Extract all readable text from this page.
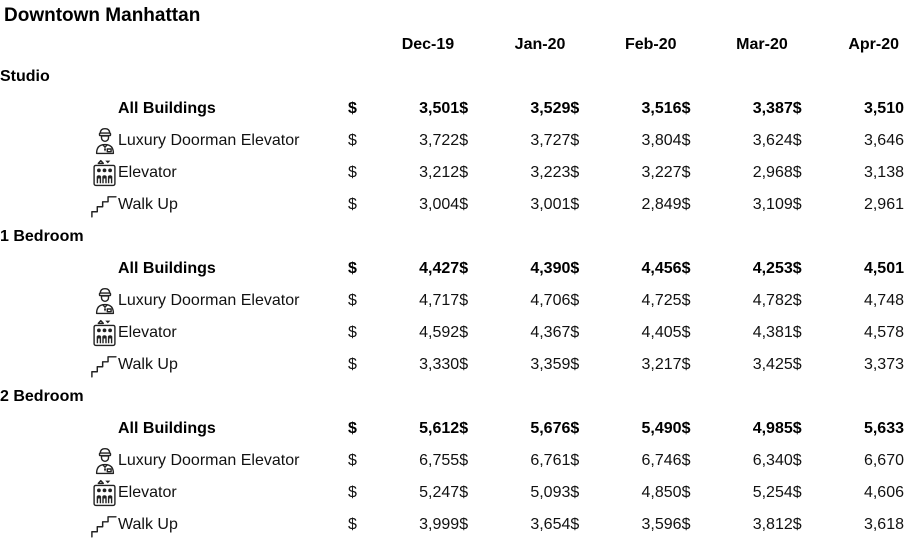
Downtown Manhattan
			Dec-19		Jan-20		Feb-20		Mar-20		Apr-20
Studio											
	All Buildings	$	3,501	$	3,529	$	3,516	$	3,387	$	3,510
	Luxury Doorman Elevator	$	3,722	$	3,727	$	3,804	$	3,624	$	3,646
	Elevator	$	3,212	$	3,223	$	3,227	$	2,968	$	3,138
	Walk Up	$	3,004	$	3,001	$	2,849	$	3,109	$	2,961
1 Bedroom											
	All Buildings	$	4,427	$	4,390	$	4,456	$	4,253	$	4,501
	Luxury Doorman Elevator	$	4,717	$	4,706	$	4,725	$	4,782	$	4,748
	Elevator	$	4,592	$	4,367	$	4,405	$	4,381	$	4,578
	Walk Up	$	3,330	$	3,359	$	3,217	$	3,425	$	3,373
2 Bedroom											
	All Buildings	$	5,612	$	5,676	$	5,490	$	4,985	$	5,633
	Luxury Doorman Elevator	$	6,755	$	6,761	$	6,746	$	6,340	$	6,670
	Elevator	$	5,247	$	5,093	$	4,850	$	5,254	$	4,606
	Walk Up	$	3,999	$	3,654	$	3,596	$	3,812	$	3,618
